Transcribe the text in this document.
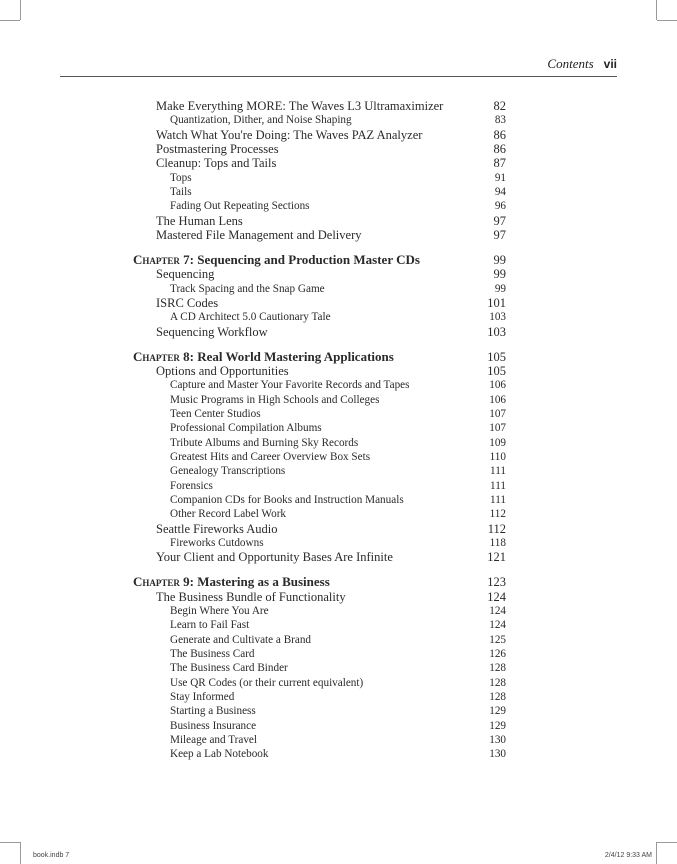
Contents vii
Make Everything MORE: The Waves L3 Ultramaximizer	82
Quantization, Dither, and Noise Shaping	83
Watch What You're Doing: The Waves PAZ Analyzer	86
Postmastering Processes	86
Cleanup: Tops and Tails	87
Tops	91
Tails	94
Fading Out Repeating Sections	96
The Human Lens	97
Mastered File Management and Delivery	97
Chapter 7: Sequencing and Production Master CDs	99
Sequencing	99
Track Spacing and the Snap Game	99
ISRC Codes	101
A CD Architect 5.0 Cautionary Tale	103
Sequencing Workflow	103
Chapter 8: Real World Mastering Applications	105
Options and Opportunities	105
Capture and Master Your Favorite Records and Tapes	106
Music Programs in High Schools and Colleges	106
Teen Center Studios	107
Professional Compilation Albums	107
Tribute Albums and Burning Sky Records	109
Greatest Hits and Career Overview Box Sets	110
Genealogy Transcriptions	111
Forensics	111
Companion CDs for Books and Instruction Manuals	111
Other Record Label Work	112
Seattle Fireworks Audio	112
Fireworks Cutdowns	118
Your Client and Opportunity Bases Are Infinite	121
Chapter 9: Mastering as a Business	123
The Business Bundle of Functionality	124
Begin Where You Are	124
Learn to Fail Fast	124
Generate and Cultivate a Brand	125
The Business Card	126
The Business Card Binder	128
Use QR Codes (or their current equivalent)	128
Stay Informed	128
Starting a Business	129
Business Insurance	129
Mileage and Travel	130
Keep a Lab Notebook	130
book.indb 7	2/4/12 9:33 AM
